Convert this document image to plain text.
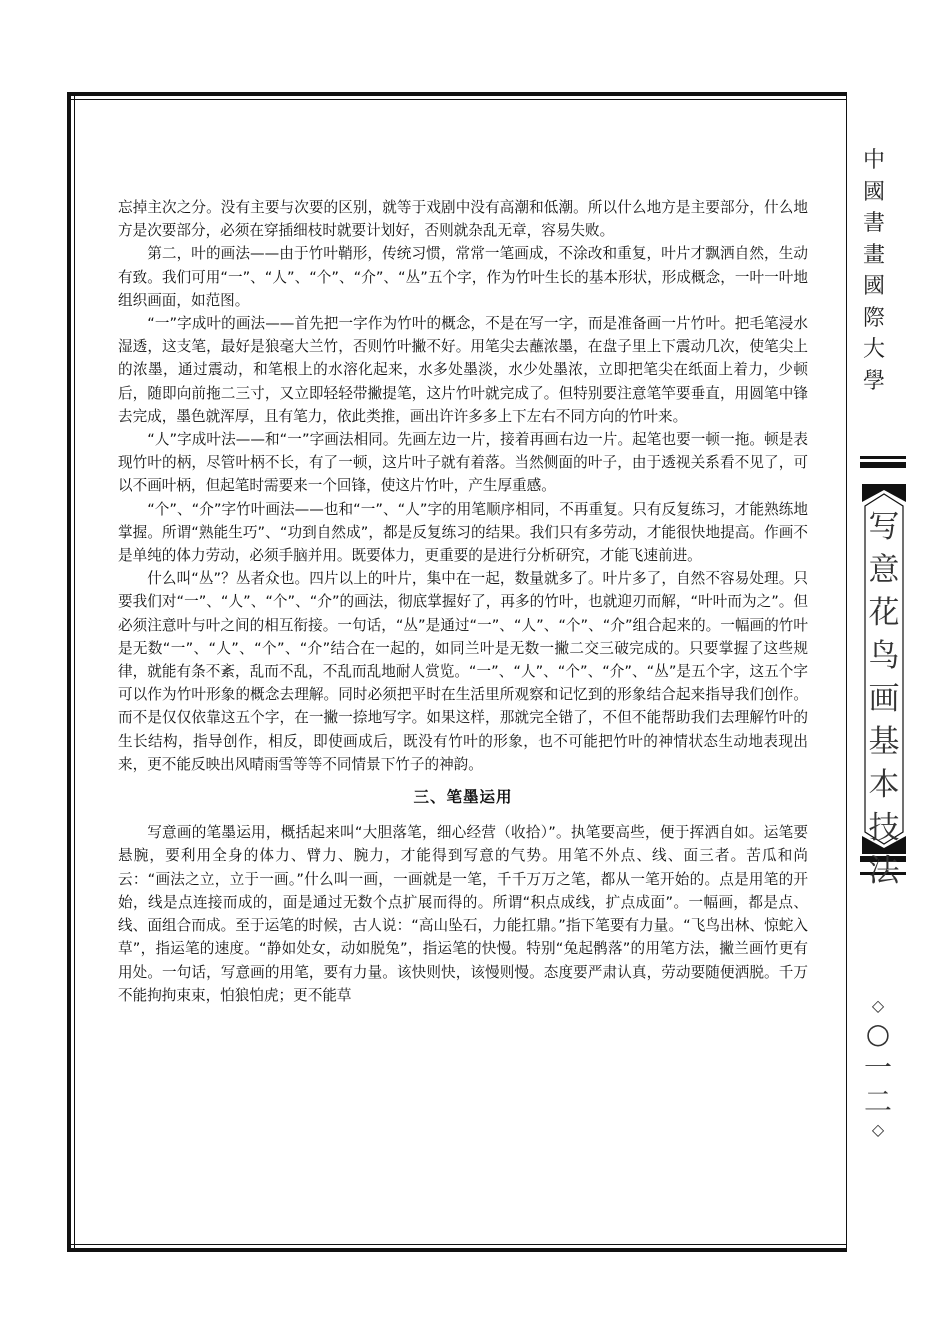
忘掉主次之分。没有主要与次要的区别，就等于戏剧中没有高潮和低潮。所以什么地方是主要部分，什么地方是次要部分，必须在穿插细枝时就要计划好，否则就杂乱无章，容易失败。

第二，叶的画法——由于竹叶鞘形，传统习惯，常常一笔画成，不涂改和重复，叶片才飘洒自然，生动有致。我们可用“一”、“人”、“个”、“介”、“丛”五个字，作为竹叶生长的基本形状，形成概念，一叶一叶地组织画面，如范图。

“一”字成叶的画法——首先把一字作为竹叶的概念，不是在写一字，而是准备画一片竹叶。把毛笔浸水湿透，这支笔，最好是狼毫大兰竹，否则竹叶撇不好。用笔尖去蘸浓墨，在盘子里上下震动几次，使笔尖上的浓墨，通过震动，和笔根上的水溶化起来，水多处墨淡，水少处墨浓，立即把笔尖在纸面上着力，少顿后，随即向前拖二三寸，又立即轻轻带撇提笔，这片竹叶就完成了。但特别要注意笔竿要垂直，用圆笔中锋去完成，墨色就浑厚，且有笔力，依此类推，画出许许多多上下左右不同方向的竹叶来。

“人”字成叶法——和“一”字画法相同。先画左边一片，接着再画右边一片。起笔也要一顿一拖。顿是表现竹叶的柄，尽管叶柄不长，有了一顿，这片叶子就有着落。当然侧面的叶子，由于透视关系看不见了，可以不画叶柄，但起笔时需要来一个回锋，使这片竹叶，产生厚重感。

“个”、“介”字竹叶画法——也和“一”、“人”字的用笔顺序相同，不再重复。只有反复练习，才能熟练地掌握。所谓“熟能生巧”、“功到自然成”，都是反复练习的结果。我们只有多劳动，才能很快地提高。作画不是单纯的体力劳动，必须手脑并用。既要体力，更重要的是进行分析研究，才能飞速前进。

什么叫“丛”？丛者众也。四片以上的叶片，集中在一起，数量就多了。叶片多了，自然不容易处理。只要我们对“一”、“人”、“个”、“介”的画法，彻底掌握好了，再多的竹叶，也就迎刃而解，“叶叶而为之”。但必须注意叶与叶之间的相互衔接。一句话，“丛”是通过“一”、“人”、“个”、“介”组合起来的。一幅画的竹叶是无数“一”、“人”、“个”、“介”结合在一起的，如同兰叶是无数一撇二交三破完成的。只要掌握了这些规律，就能有条不紊，乱而不乱，不乱而乱地耐人赏览。“一”、“人”、“个”、“介”、“丛”是五个字，这五个字可以作为竹叶形象的概念去理解。同时必须把平时在生活里所观察和记忆到的形象结合起来指导我们创作。而不是仅仅依靠这五个字，在一撇一捺地写字。如果这样，那就完全错了，不但不能帮助我们去理解竹叶的生长结构，指导创作，相反，即使画成后，既没有竹叶的形象，也不可能把竹叶的神情状态生动地表现出来，更不能反映出风晴雨雪等等不同情景下竹子的神韵。

三、笔墨运用

写意画的笔墨运用，概括起来叫“大胆落笔，细心经营（收拾）”。执笔要高些，便于挥洒自如。运笔要悬腕，要利用全身的体力、臂力、腕力，才能得到写意的气势。用笔不外点、线、面三者。苦瓜和尚云：“画法之立，立于一画。”什么叫一画，一画就是一笔，千千万万之笔，都从一笔开始的。点是用笔的开始，线是点连接而成的，面是通过无数个点扩展而得的。所谓“积点成线，扩点成面”。一幅画，都是点、线、面组合而成。至于运笔的时候，古人说：“高山坠石，力能扛鼎。”指下笔要有力量。“飞鸟出林、惊蛇入草”，指运笔的速度。“静如处女，动如脱兔”，指运笔的快慢。特别“兔起鹘落”的用笔方法，撇兰画竹更有用处。一句话，写意画的用笔，要有力量。该快则快，该慢则慢。态度要严肃认真，劳动要随便洒脱。千万不能拘拘束束，怕狼怕虎；更不能草

中
國
書
畫
國
際
大
學
写
意
花
鸟
画
基
本
技
法
◇
○
一
二
◇
